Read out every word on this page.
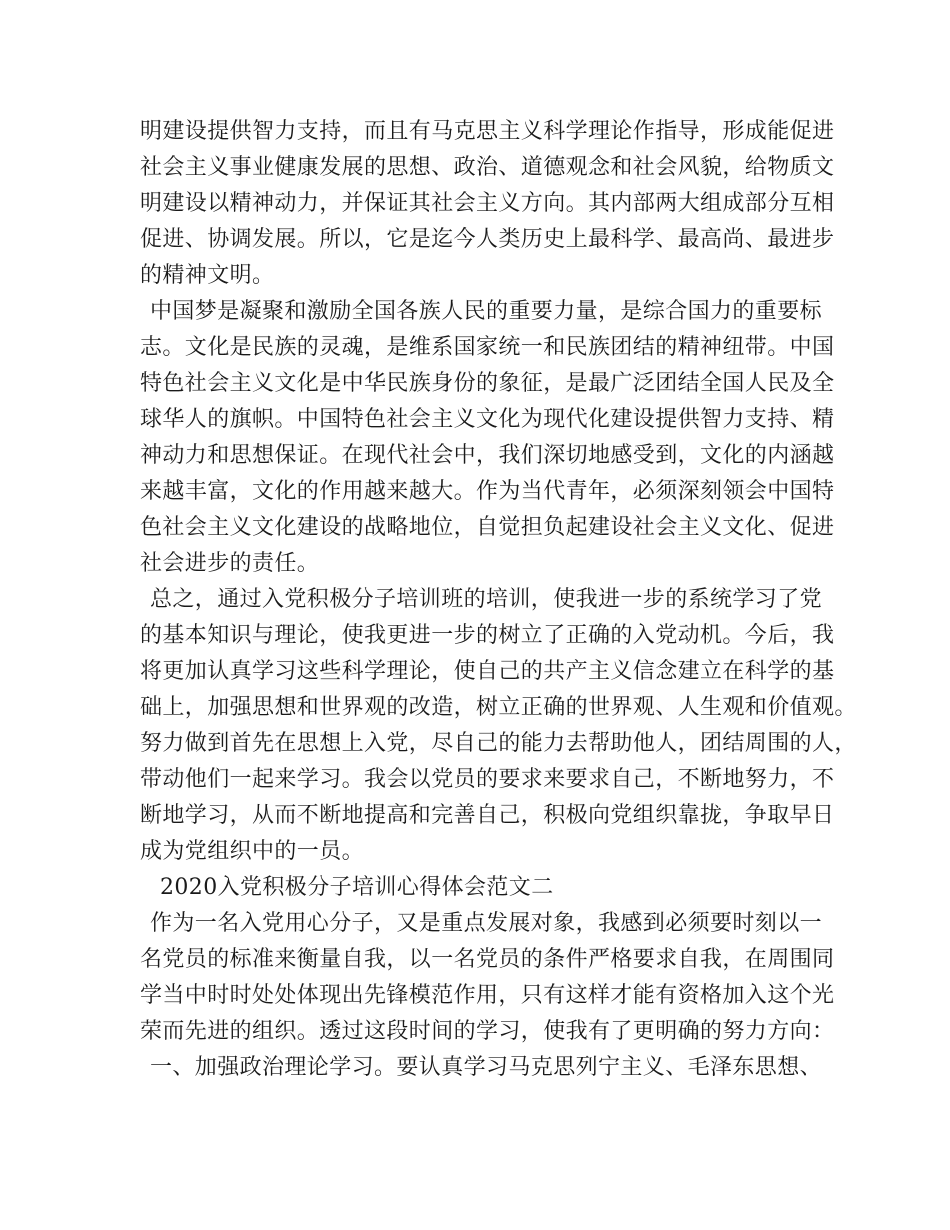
明建设提供智力支持，而且有马克思主义科学理论作指导，形成能促进
社会主义事业健康发展的思想、政治、道德观念和社会风貌，给物质文
明建设以精神动力，并保证其社会主义方向。其内部两大组成部分互相
促进、协调发展。所以，它是迄今人类历史上最科学、最高尚、最进步
的精神文明。
中国梦是凝聚和激励全国各族人民的重要力量，是综合国力的重要标
志。文化是民族的灵魂，是维系国家统一和民族团结的精神纽带。中国
特色社会主义文化是中华民族身份的象征，是最广泛团结全国人民及全
球华人的旗帜。中国特色社会主义文化为现代化建设提供智力支持、精
神动力和思想保证。在现代社会中，我们深切地感受到，文化的内涵越
来越丰富，文化的作用越来越大。作为当代青年，必须深刻领会中国特
色社会主义文化建设的战略地位，自觉担负起建设社会主义文化、促进
社会进步的责任。
总之，通过入党积极分子培训班的培训，使我进一步的系统学习了党
的基本知识与理论，使我更进一步的树立了正确的入党动机。今后，我
将更加认真学习这些科学理论，使自己的共产主义信念建立在科学的基
础上，加强思想和世界观的改造，树立正确的世界观、人生观和价值观。
努力做到首先在思想上入党，尽自己的能力去帮助他人，团结周围的人，
带动他们一起来学习。我会以党员的要求来要求自己，不断地努力，不
断地学习，从而不断地提高和完善自己，积极向党组织靠拢，争取早日
成为党组织中的一员。
2020入党积极分子培训心得体会范文二
作为一名入党用心分子，又是重点发展对象，我感到必须要时刻以一
名党员的标准来衡量自我，以一名党员的条件严格要求自我，在周围同
学当中时时处处体现出先锋模范作用，只有这样才能有资格加入这个光
荣而先进的组织。透过这段时间的学习，使我有了更明确的努力方向：
一、加强政治理论学习。要认真学习马克思列宁主义、毛泽东思想、
